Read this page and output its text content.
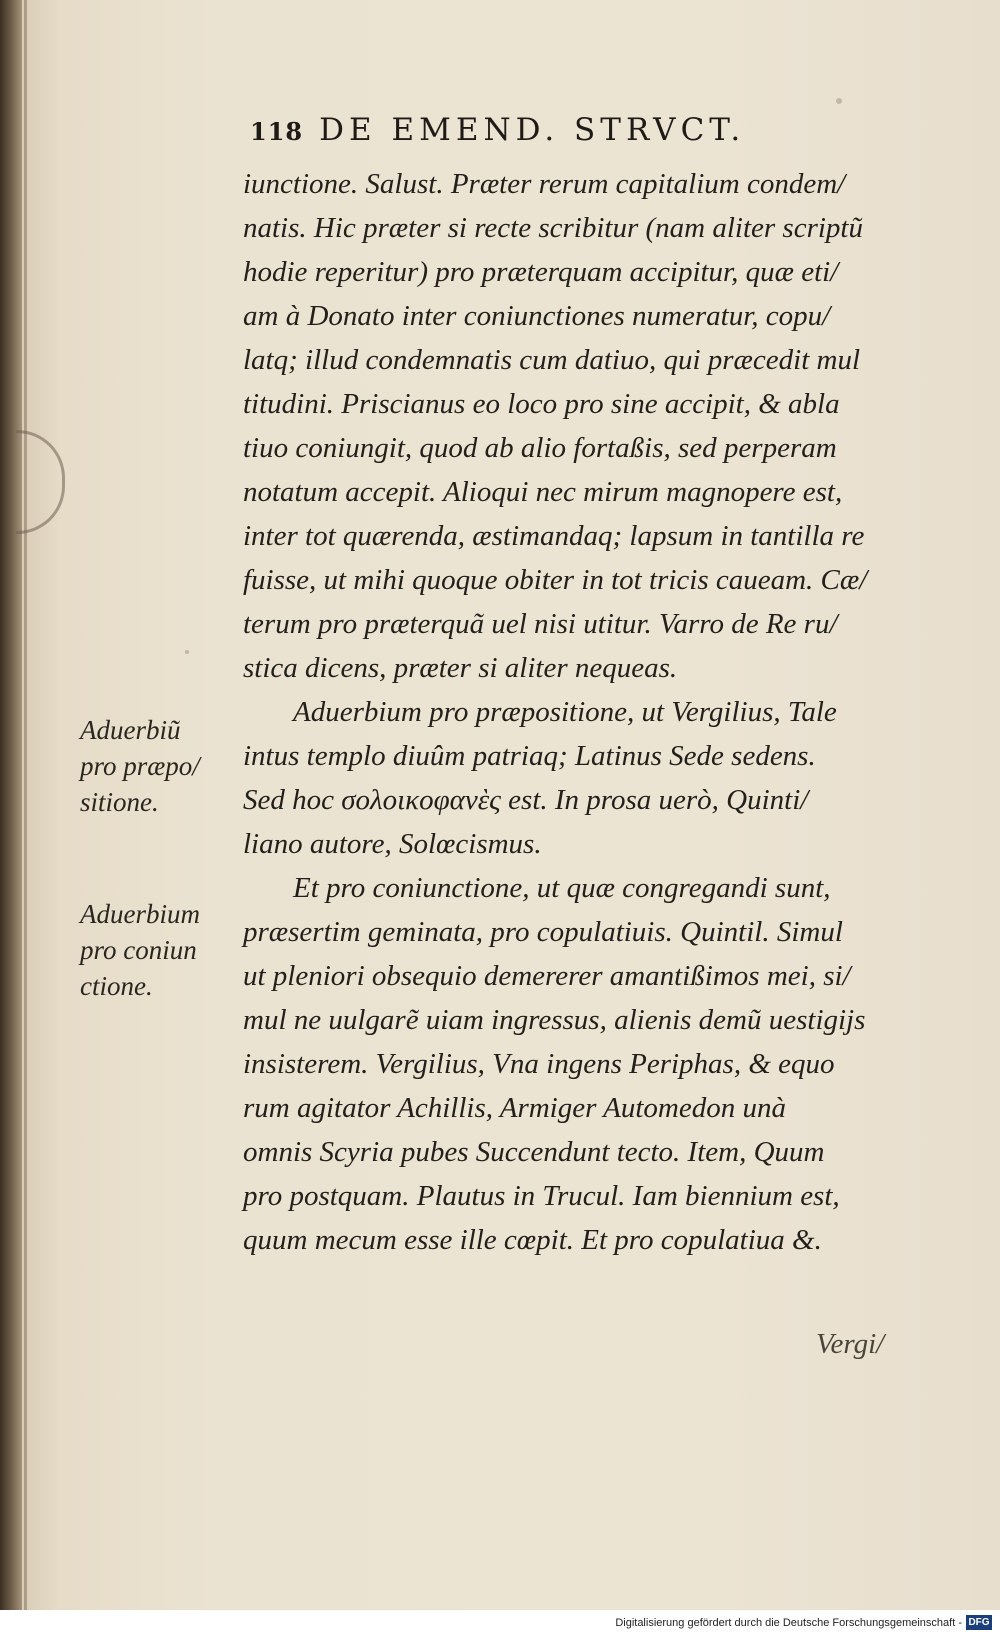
118 DE EMEND. STRVCT.
iunctione. Salust. Præter rerum capitalium condem/
natis. Hic præter si recte scribitur (nam aliter scriptũ
hodie reperitur) pro præterquam accipitur, quæ eti/
am à Donato inter coniunctiones numeratur, copu/
latq; illud condemnatis cum datiuo, qui præcedit mul
titudini. Priscianus eo loco pro sine accipit, & abla
tiuo coniungit, quod ab alio fortaßis, sed perperam
notatum accepit. Alioqui nec mirum magnopere est,
inter tot quærenda, æstimandaq; lapsum in tantilla re
fuisse, ut mihi quoque obiter in tot tricis caueam. Cæ/
terum pro præterquã uel nisi utitur. Varro de Re ru/
stica dicens, præter si aliter nequeas.
Aduerbium pro præpositione, ut Vergilius, Tale
intus templo diuûm patriaq; Latinus Sede sedens.
Sed hoc σολοικοφανὲς est. In prosa uerò, Quinti/
liano autore, Solœcismus.
Et pro coniunctione, ut quæ congregandi sunt,
præsertim geminata, pro copulatiuis. Quintil. Simul
ut pleniori obsequio demererer amantißimos mei, si/
mul ne uulgarẽ uiam ingressus, alienis demũ uestigijs
insisterem. Vergilius, Vna ingens Periphas, & equo
rum agitator Achillis, Armiger Automedon unà
omnis Scyria pubes Succendunt tecto. Item, Quum
pro postquam. Plautus in Trucul. Iam biennium est,
quum mecum esse ille cœpit. Et pro copulatiua &.
Vergi/
Aduerbiũ
pro præpo/
sitione.
Aduerbium
pro coniun
ctione.
Digitalisierung gefördert durch die Deutsche Forschungsgemeinschaft - DFG
